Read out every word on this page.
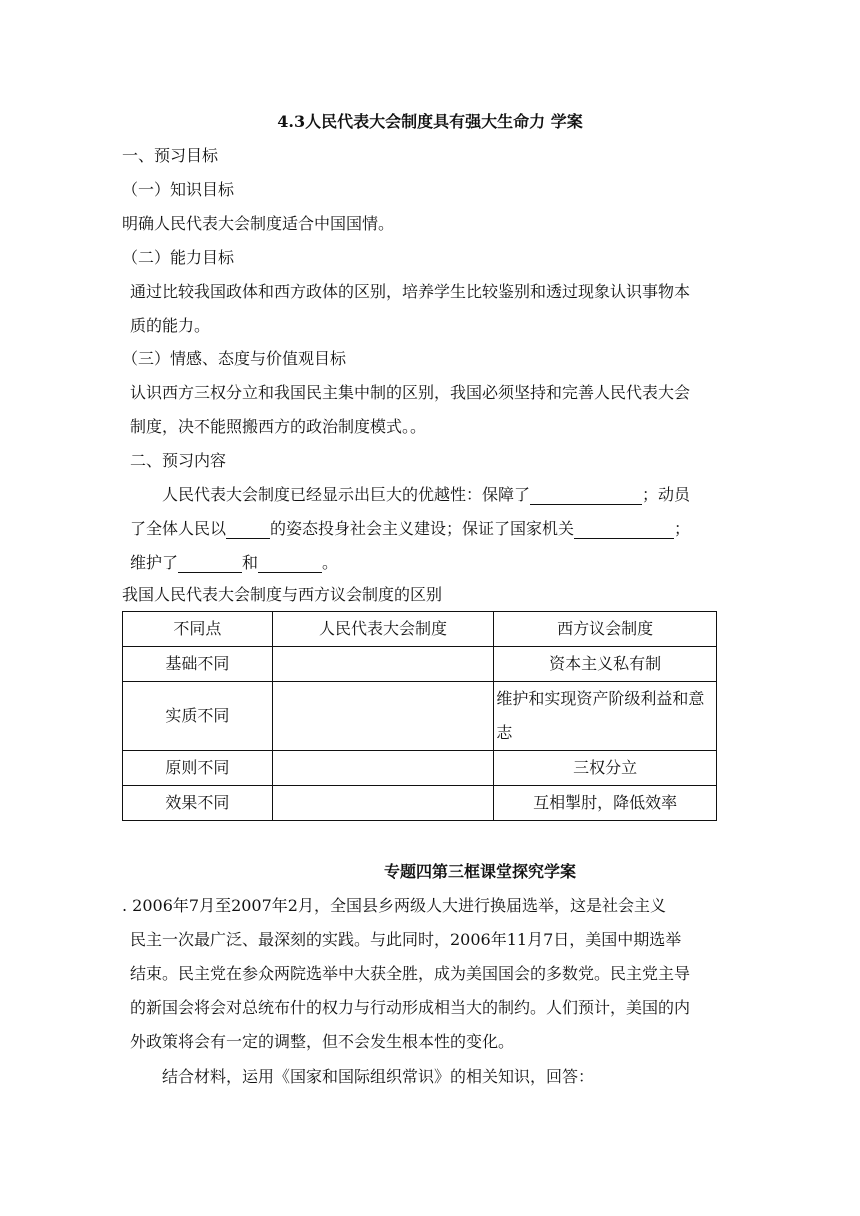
4.3人民代表大会制度具有强大生命力 学案
一、预习目标
（一）知识目标
明确人民代表大会制度适合中国国情。
（二）能力目标
通过比较我国政体和西方政体的区别，培养学生比较鉴别和透过现象认识事物本
质的能力。
（三）情感、态度与价值观目标
认识西方三权分立和我国民主集中制的区别，我国必须坚持和完善人民代表大会
制度，决不能照搬西方的政治制度模式。。
二、预习内容
人民代表大会制度已经显示出巨大的优越性：保障了	；动员
了全体人民以	的姿态投身社会主义建设；保证了国家机关	；
维护了	和	。
我国人民代表大会制度与西方议会制度的区别
不同点	人民代表大会制度	西方议会制度
基础不同		资本主义私有制
实质不同		维护和实现资产阶级利益和意志
原则不同		三权分立
效果不同		互相掣肘，降低效率
专题四第三框课堂探究学案
. 2006年7月至2007年2月，全国县乡两级人大进行换届选举，这是社会主义
民主一次最广泛、最深刻的实践。与此同时，2006年11月7日，美国中期选举
结束。民主党在参众两院选举中大获全胜，成为美国国会的多数党。民主党主导
的新国会将会对总统布什的权力与行动形成相当大的制约。人们预计，美国的内
外政策将会有一定的调整，但不会发生根本性的变化。
结合材料，运用《国家和国际组织常识》的相关知识，回答：
